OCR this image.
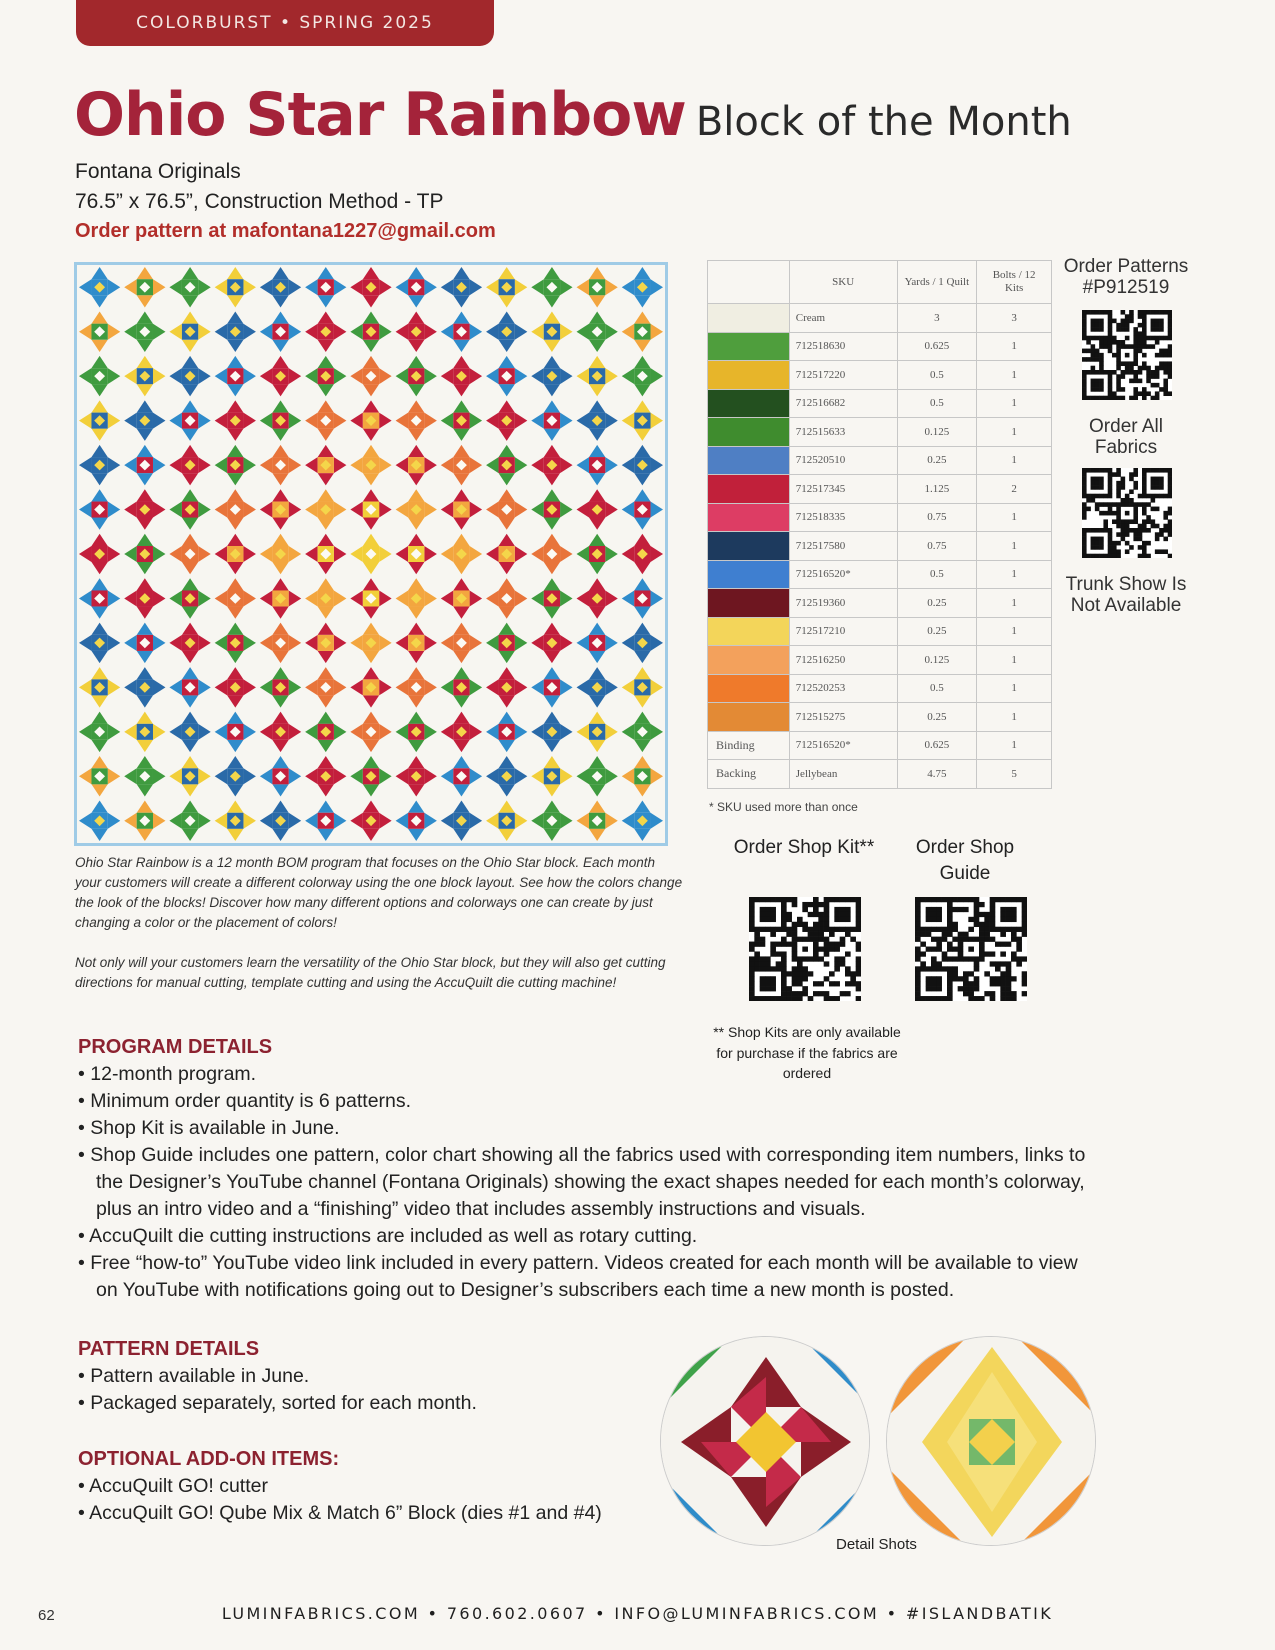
COLORBURST • SPRING 2025
Ohio Star Rainbow Block of the Month
Fontana Originals
76.5” x 76.5”, Construction Method - TP
Order pattern at mafontana1227@gmail.com
	SKU	Yards / 1 Quilt	Bolts / 12 Kits

	Cream	3	3

	712518630	0.625	1

	712517220	0.5	1

	712516682	0.5	1

	712515633	0.125	1

	712520510	0.25	1

	712517345	1.125	2

	712518335	0.75	1

	712517580	0.75	1

	712516520*	0.5	1

	712519360	0.25	1

	712517210	0.25	1

	712516250	0.125	1

	712520253	0.5	1

	712515275	0.25	1
Binding	712516520*	0.625	1
Backing	Jellybean	4.75	5
* SKU used more than once
Order Patterns
#P912519
Order All Fabrics
Trunk Show Is Not Available

Ohio Star Rainbow is a 12 month BOM program that focuses on the Ohio Star block. Each month your customers will create a different colorway using the one block layout. See how the colors change the look of the blocks! Discover how many different options and colorways one can create by just changing a color or the placement of colors!

Not only will your customers learn the versatility of the Ohio Star block, but they will also get cutting directions for manual cutting, template cutting and using the AccuQuilt die cutting machine!

Order Shop Kit**	Order Shop Guide
** Shop Kits are only available for purchase if the fabrics are ordered
PROGRAM DETAILS
• 12-month program.
• Minimum order quantity is 6 patterns.
• Shop Kit is available in June.
• Shop Guide includes one pattern, color chart showing all the fabrics used with corresponding item numbers, links to the Designer’s YouTube channel (Fontana Originals) showing the exact shapes needed for each month’s colorway, plus an intro video and a “finishing” video that includes assembly instructions and visuals.
• AccuQuilt die cutting instructions are included as well as rotary cutting.
• Free “how-to” YouTube video link included in every pattern. Videos created for each month will be available to view on YouTube with notifications going out to Designer’s subscribers each time a new month is posted.
PATTERN DETAILS
• Pattern available in June.
• Packaged separately, sorted for each month.
OPTIONAL ADD-ON ITEMS:
• AccuQuilt GO! cutter
• AccuQuilt GO! Qube Mix & Match 6” Block (dies #1 and #4)
Detail Shots
62	LUMINFABRICS.COM • 760.602.0607 • INFO@LUMINFABRICS.COM • #ISLANDBATIK
